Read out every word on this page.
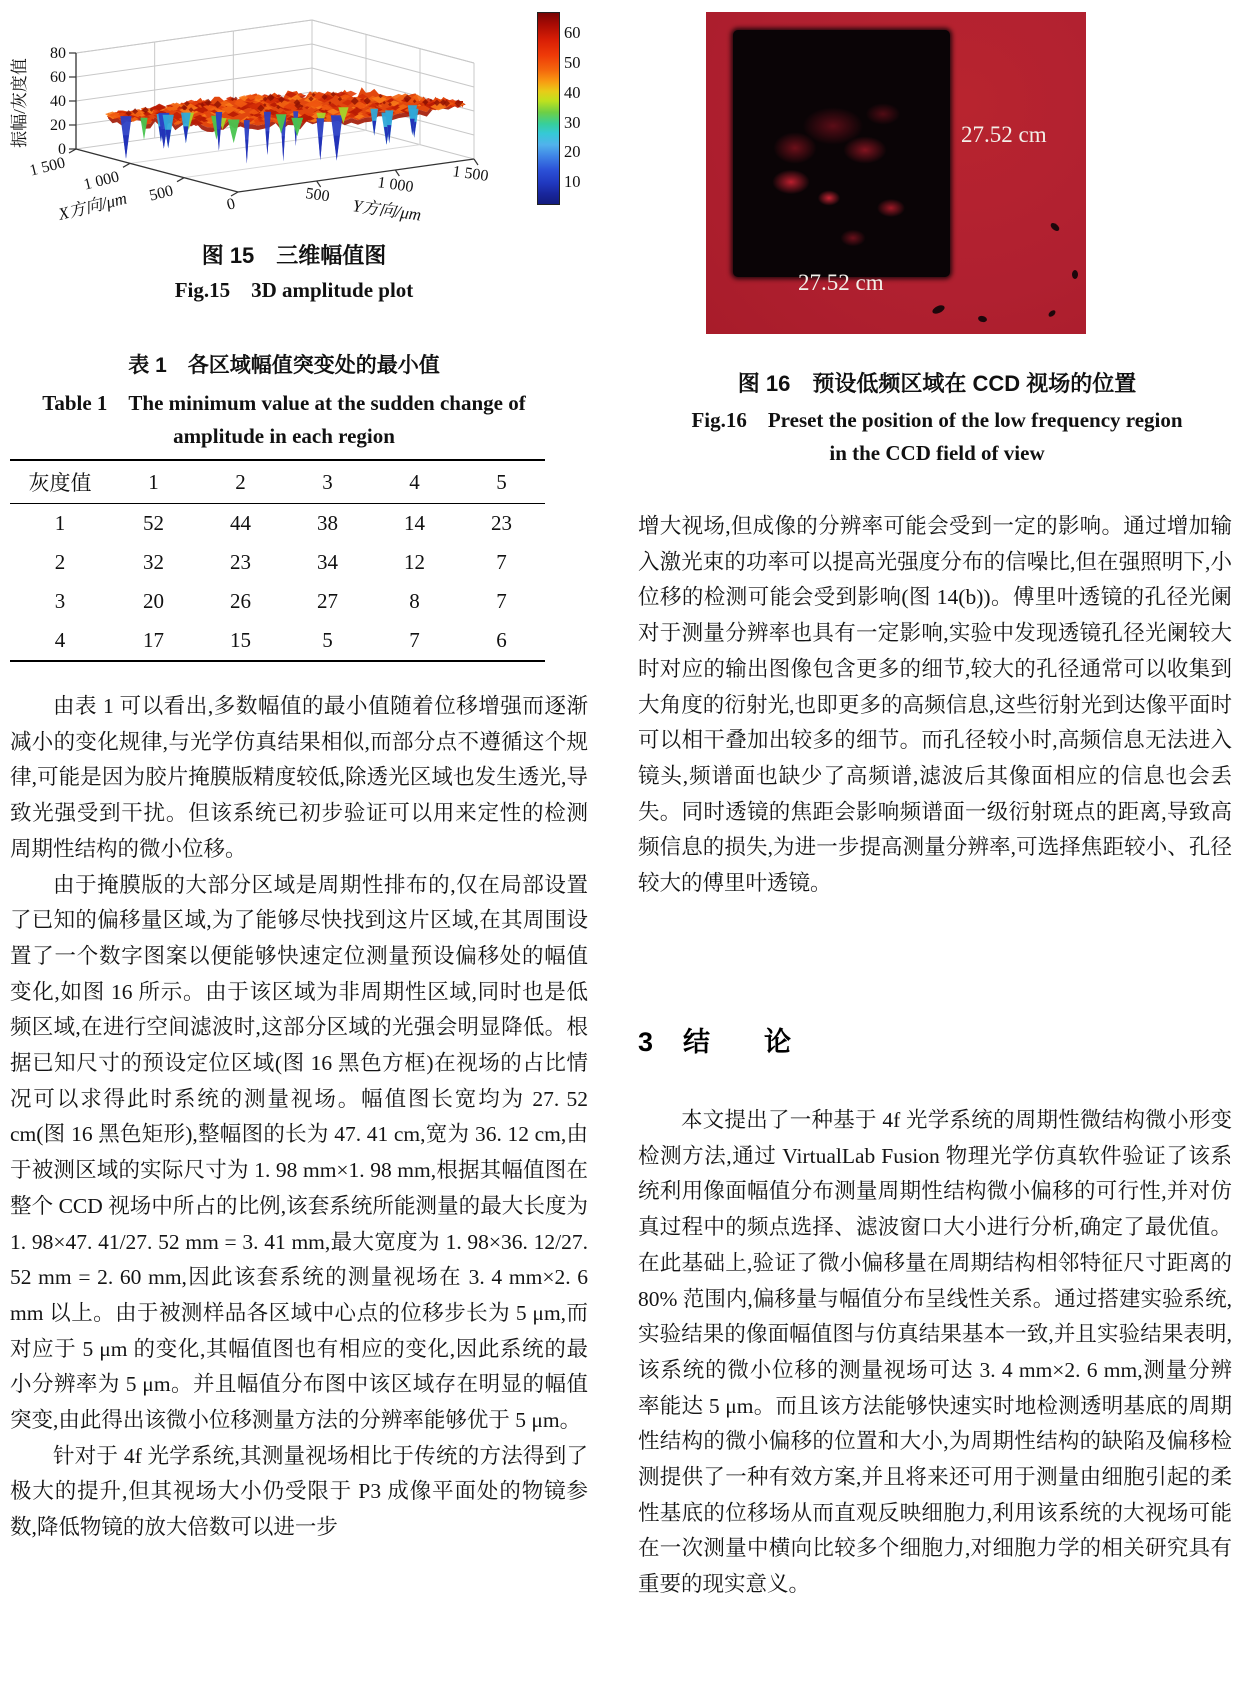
80
60
40
20
0
1 500
1 000 500	0	500	1 000
1 500
振幅/灰度值
X方向/μm	Y方向/μm
60
50
40
30
20
10
图 15　三维幅值图
Fig.15　3D amplitude plot
表 1　各区域幅值突变处的最小值
Table 1　The minimum value at the sudden change of
amplitude in each region
灰度值	1	2	3	4	5
1	52	44	38	14	23
2	32	23	34	12	7
3	20	26	27	8	7
4	17	15	5	7	6

由表 1 可以看出,多数幅值的最小值随着位移增强而逐渐减小的变化规律,与光学仿真结果相似,而部分点不遵循这个规律,可能是因为胶片掩膜版精度较低,除透光区域也发生透光,导致光强受到干扰。但该系统已初步验证可以用来定性的检测周期性结构的微小位移。

由于掩膜版的大部分区域是周期性排布的,仅在局部设置了已知的偏移量区域,为了能够尽快找到这片区域,在其周围设置了一个数字图案以便能够快速定位测量预设偏移处的幅值变化,如图 16 所示。由于该区域为非周期性区域,同时也是低频区域,在进行空间滤波时,这部分区域的光强会明显降低。根据已知尺寸的预设定位区域(图 16 黑色方框)在视场的占比情况可以求得此时系统的测量视场。幅值图长宽均为 27. 52 cm(图 16 黑色矩形),整幅图的长为 47. 41 cm,宽为 36. 12 cm,由于被测区域的实际尺寸为 1. 98 mm×1. 98 mm,根据其幅值图在整个 CCD 视场中所占的比例,该套系统所能测量的最大长度为 1. 98×47. 41/27. 52 mm = 3. 41 mm,最大宽度为 1. 98×36. 12/27. 52 mm = 2. 60 mm,因此该套系统的测量视场在 3. 4 mm×2. 6 mm 以上。由于被测样品各区域中心点的位移步长为 5 μm,而对应于 5 μm 的变化,其幅值图也有相应的变化,因此系统的最小分辨率为 5 μm。并且幅值分布图中该区域存在明显的幅值突变,由此得出该微小位移测量方法的分辨率能够优于 5 μm。

针对于 4f 光学系统,其测量视场相比于传统的方法得到了极大的提升,但其视场大小仍受限于 P3 成像平面处的物镜参数,降低物镜的放大倍数可以进一步

27.52 cm
27.52 cm
图 16　预设低频区域在 CCD 视场的位置
Fig.16　Preset the position of the low frequency region
in the CCD field of view

增大视场,但成像的分辨率可能会受到一定的影响。通过增加输入激光束的功率可以提高光强度分布的信噪比,但在强照明下,小位移的检测可能会受到影响(图 14(b))。傅里叶透镜的孔径光阑对于测量分辨率也具有一定影响,实验中发现透镜孔径光阑较大时对应的输出图像包含更多的细节,较大的孔径通常可以收集到大角度的衍射光,也即更多的高频信息,这些衍射光到达像平面时可以相干叠加出较多的细节。而孔径较小时,高频信息无法进入镜头,频谱面也缺少了高频谱,滤波后其像面相应的信息也会丢失。同时透镜的焦距会影响频谱面一级衍射斑点的距离,导致高频信息的损失,为进一步提高测量分辨率,可选择焦距较小、孔径较大的傅里叶透镜。

3 结　　论

本文提出了一种基于 4f 光学系统的周期性微结构微小形变检测方法,通过 VirtualLab Fusion 物理光学仿真软件验证了该系统利用像面幅值分布测量周期性结构微小偏移的可行性,并对仿真过程中的频点选择、滤波窗口大小进行分析,确定了最优值。在此基础上,验证了微小偏移量在周期结构相邻特征尺寸距离的 80% 范围内,偏移量与幅值分布呈线性关系。通过搭建实验系统,实验结果的像面幅值图与仿真结果基本一致,并且实验结果表明,该系统的微小位移的测量视场可达 3. 4 mm×2. 6 mm,测量分辨率能达 5 μm。而且该方法能够快速实时地检测透明基底的周期性结构的微小偏移的位置和大小,为周期性结构的缺陷及偏移检测提供了一种有效方案,并且将来还可用于测量由细胞引起的柔性基底的位移场从而直观反映细胞力,利用该系统的大视场可能在一次测量中横向比较多个细胞力,对细胞力学的相关研究具有重要的现实意义。
